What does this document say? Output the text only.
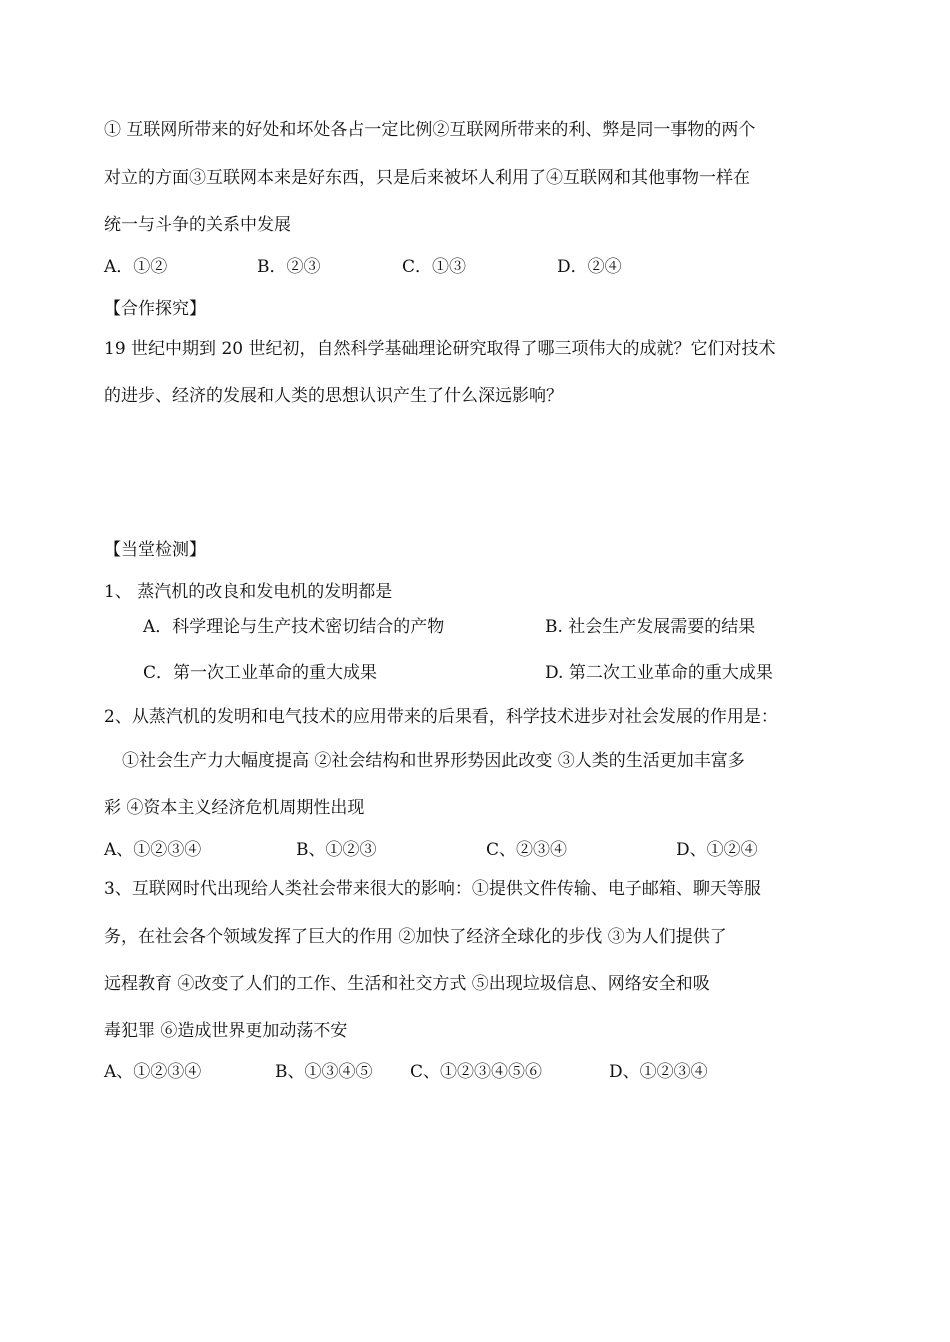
① 互联网所带来的好处和坏处各占一定比例②互联网所带来的利、弊是同一事物的两个
对立的方面③互联网本来是好东西，只是后来被坏人利用了④互联网和其他事物一样在
统一与斗争的关系中发展
A．①②	B．②③	C．①③	D．②④
【合作探究】
19 世纪中期到 20 世纪初，自然科学基础理论研究取得了哪三项伟大的成就？它们对技术
的进步、经济的发展和人类的思想认识产生了什么深远影响？
【当堂检测】
1、 蒸汽机的改良和发电机的发明都是
A．科学理论与生产技术密切结合的产物	B. 社会生产发展需要的结果
C．第一次工业革命的重大成果	D. 第二次工业革命的重大成果
2、从蒸汽机的发明和电气技术的应用带来的后果看，科学技术进步对社会发展的作用是：
①社会生产力大幅度提高 ②社会结构和世界形势因此改变 ③人类的生活更加丰富多
彩 ④资本主义经济危机周期性出现
A、①②③④	B、①②③	C、②③④	D、①②④
3、互联网时代出现给人类社会带来很大的影响：①提供文件传输、电子邮箱、聊天等服
务，在社会各个领域发挥了巨大的作用 ②加快了经济全球化的步伐 ③为人们提供了
远程教育 ④改变了人们的工作、生活和社交方式 ⑤出现垃圾信息、网络安全和吸
毒犯罪 ⑥造成世界更加动荡不安
A、①②③④	B、①③④⑤ C、①②③④⑤⑥	D、①②③④
